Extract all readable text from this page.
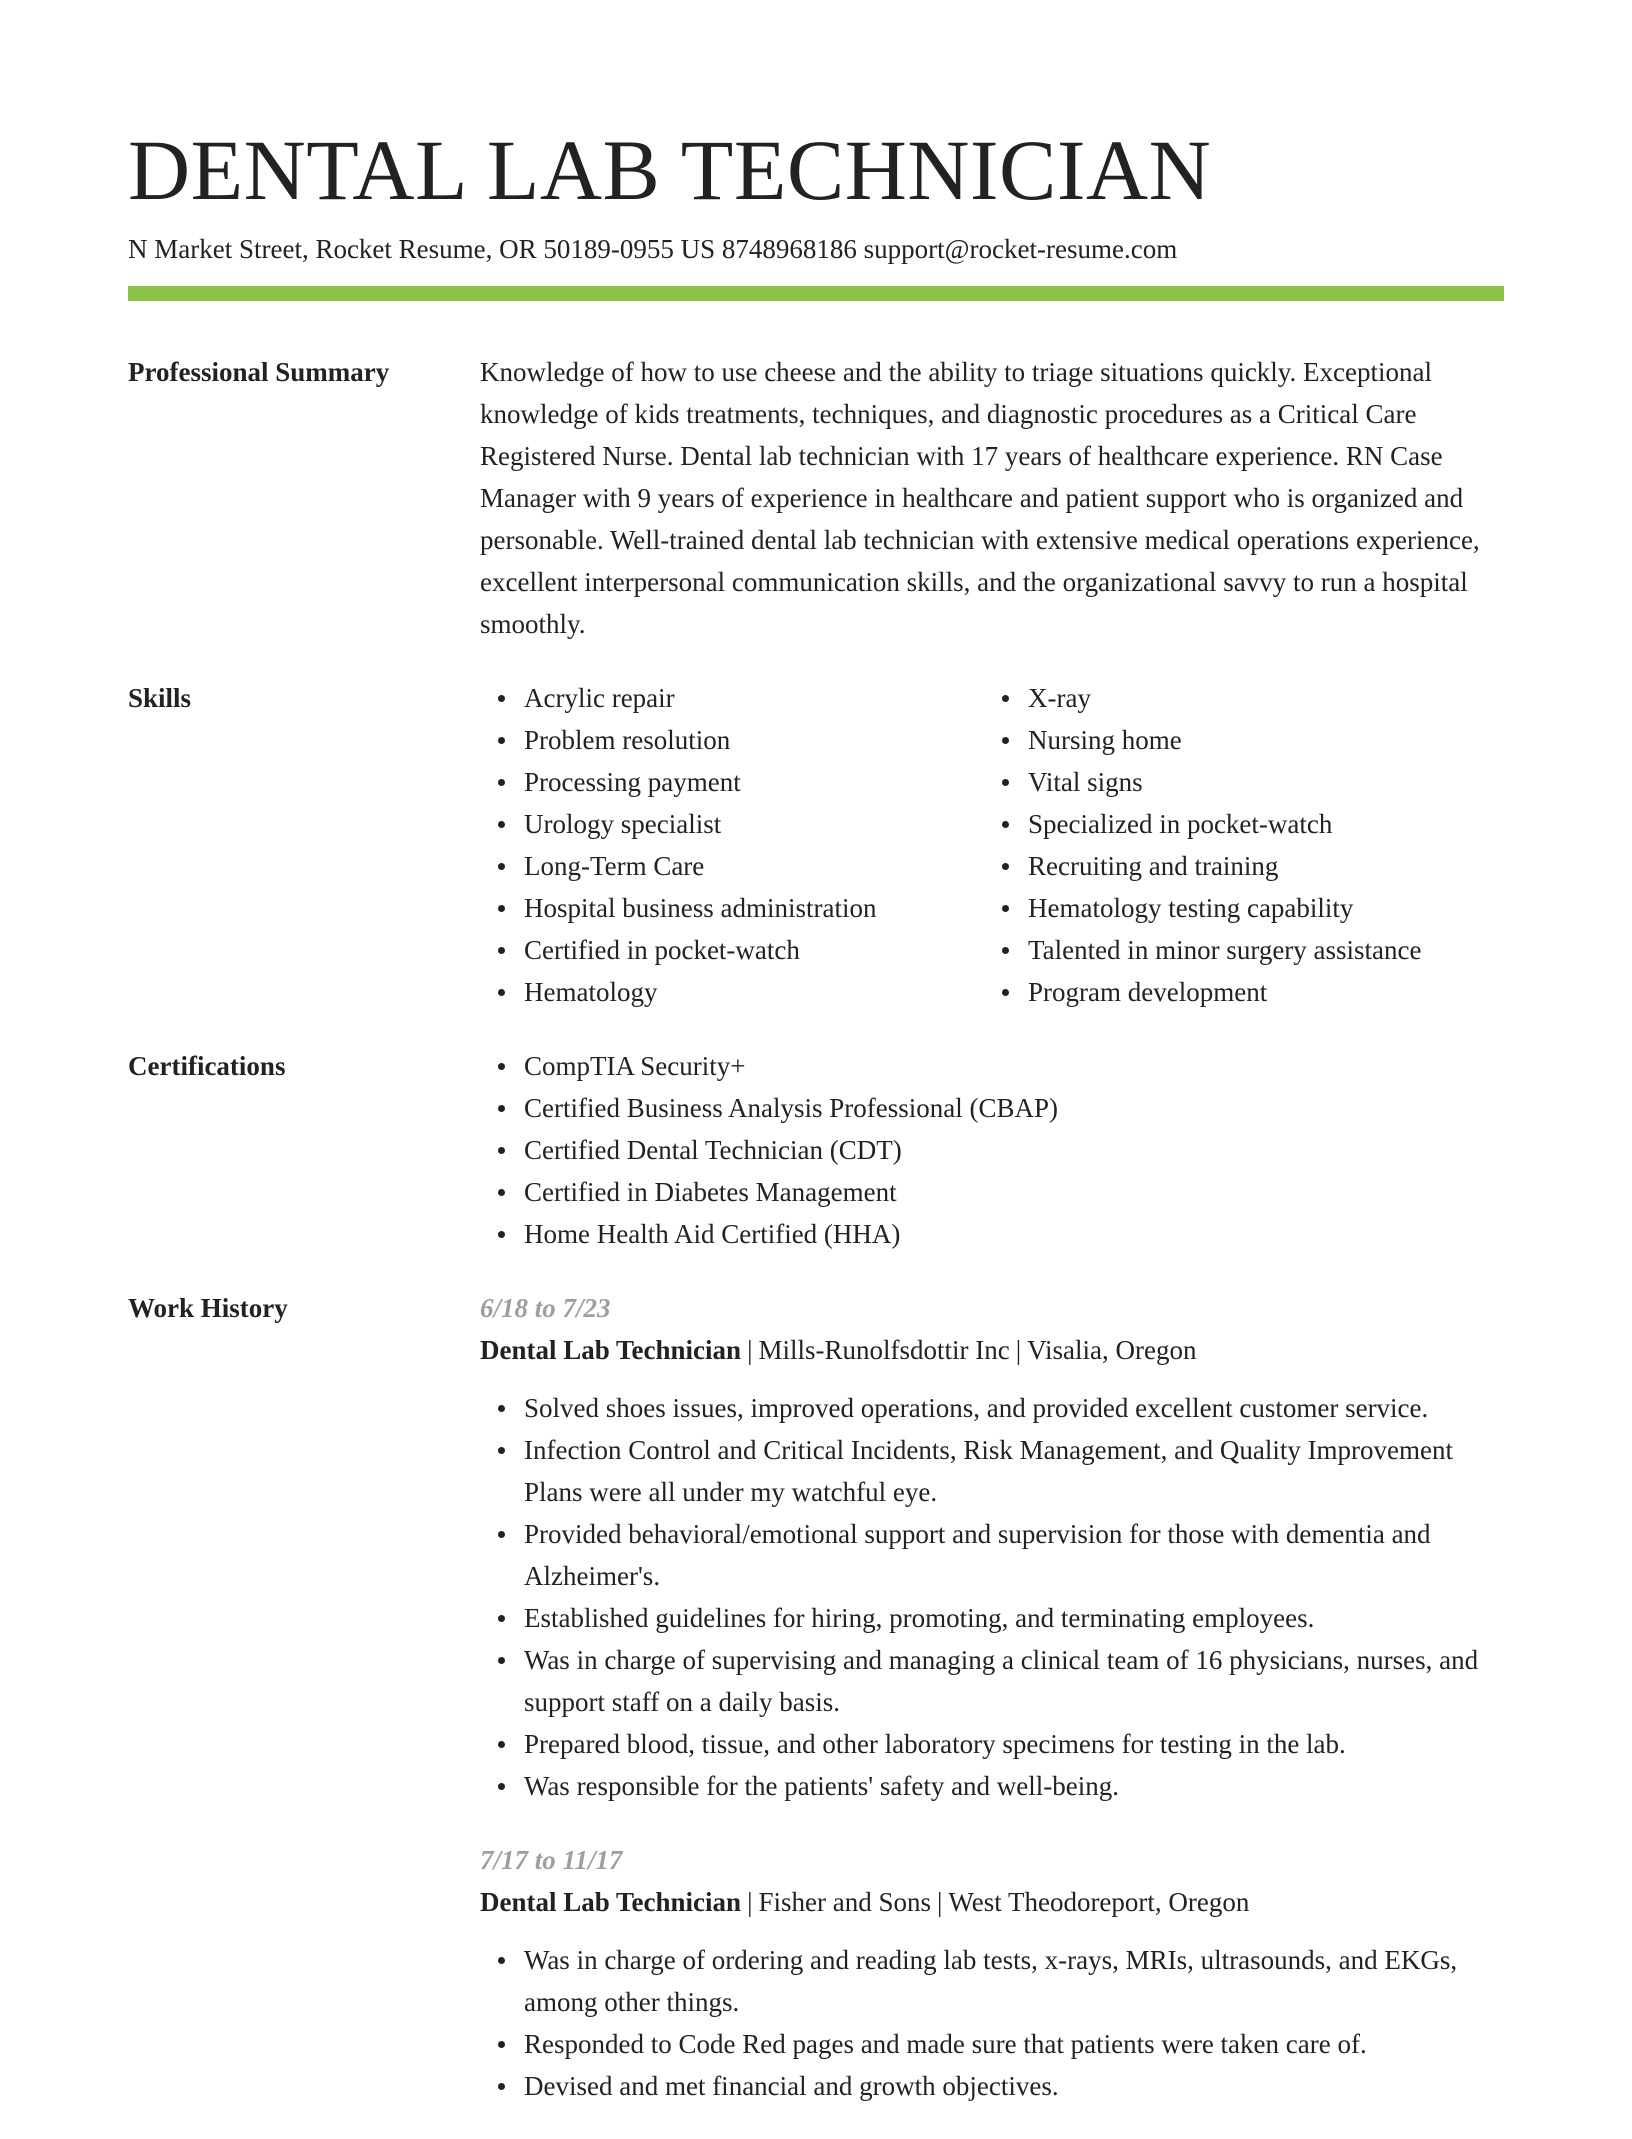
DENTAL LAB TECHNICIAN
N Market Street, Rocket Resume, OR 50189-0955 US 8748968186 support@rocket-resume.com
Professional Summary	Knowledge of how to use cheese and the ability to triage situations quickly. Exceptional knowledge of kids treatments, techniques, and diagnostic procedures as a Critical Care Registered Nurse. Dental lab technician with 17 years of healthcare experience. RN Case Manager with 9 years of experience in healthcare and patient support who is organized and personable. Well-trained dental lab technician with extensive medical operations experience, excellent interpersonal communication skills, and the organizational savvy to run a hospital smoothly.

Skills	Acrylic repair
Problem resolution
Processing payment
Urology specialist
Long-Term Care
Hospital business administration
Certified in pocket-watch
Hematology
X-ray
Nursing home
Vital signs
Specialized in pocket-watch
Recruiting and training
Hematology testing capability
Talented in minor surgery assistance
Program development
Certifications	CompTIA Security+
Certified Business Analysis Professional (CBAP)
Certified Dental Technician (CDT)
Certified in Diabetes Management
Home Health Aid Certified (HHA)
Work History	6/18 to 7/23
Dental Lab Technician | Mills-Runolfsdottir Inc | Visalia, Oregon
Solved shoes issues, improved operations, and provided excellent customer service.
Infection Control and Critical Incidents, Risk Management, and Quality Improvement Plans were all under my watchful eye.
Provided behavioral/emotional support and supervision for those with dementia and Alzheimer's.
Established guidelines for hiring, promoting, and terminating employees.
Was in charge of supervising and managing a clinical team of 16 physicians, nurses, and support staff on a daily basis.
Prepared blood, tissue, and other laboratory specimens for testing in the lab.
Was responsible for the patients' safety and well-being.
7/17 to 11/17
Dental Lab Technician | Fisher and Sons | West Theodoreport, Oregon
Was in charge of ordering and reading lab tests, x-rays, MRIs, ultrasounds, and EKGs, among other things.
Responded to Code Red pages and made sure that patients were taken care of.
Devised and met financial and growth objectives.
